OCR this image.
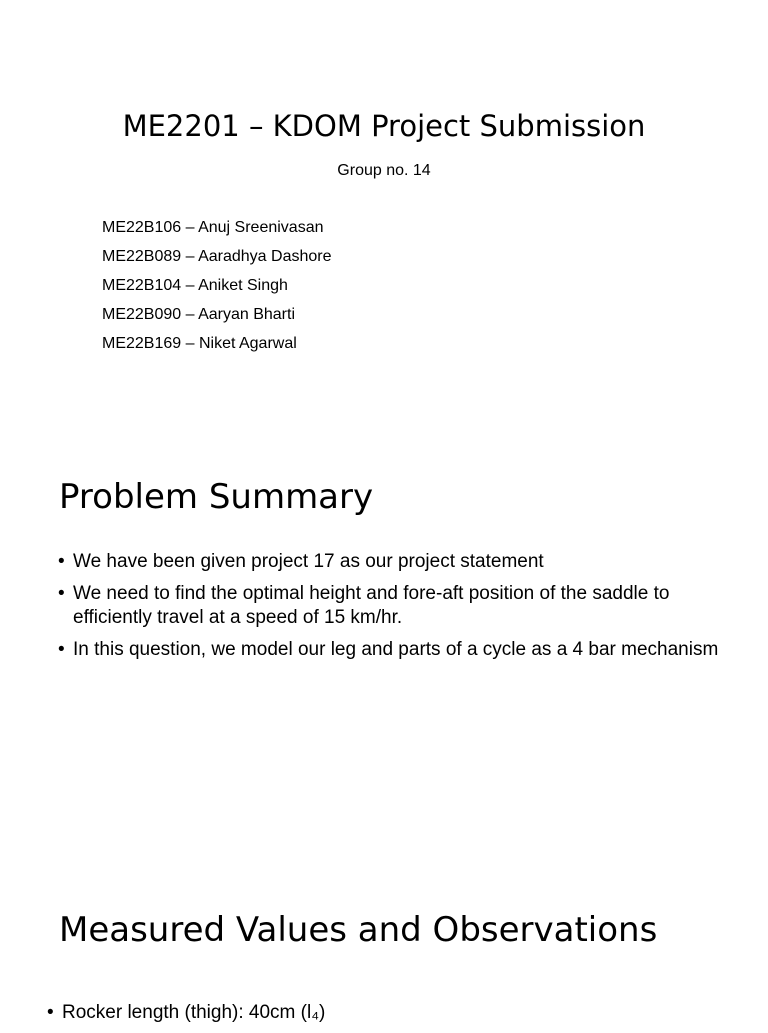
ME2201 – KDOM Project Submission

Group no. 14

ME22B106 – Anuj Sreenivasan
ME22B089 – Aaradhya Dashore
ME22B104 – Aniket Singh
ME22B090 – Aaryan Bharti
ME22B169 – Niket Agarwal
Problem Summary
• We have been given project 17 as our project statement
• We need to find the optimal height and fore-aft position of the saddle to efficiently travel at a speed of 15 km/hr.
• In this question, we model our leg and parts of a cycle as a 4 bar mechanism
Measured Values and Observations
• Rocker length (thigh): 40cm (l₄)
